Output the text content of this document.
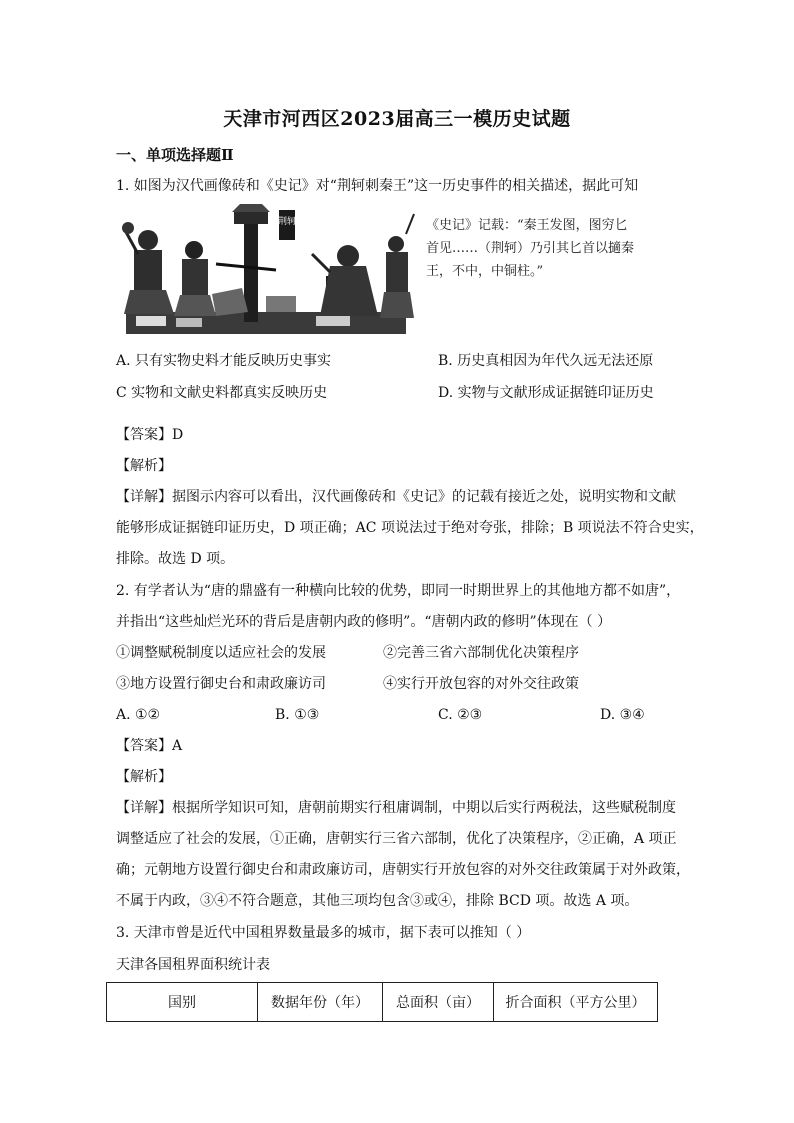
天津市河西区2023届高三一模历史试题
一、单项选择题Ⅱ
1. 如图为汉代画像砖和《史记》对“荆轲刺秦王”这一历史事件的相关描述，据此可知
荆轲	《史记》记载：“秦王发图，图穷匕
首见……（荆轲）乃引其匕首以擿秦
王，不中，中铜柱。”
A. 只有实物史料才能反映历史事实	B. 历史真相因为年代久远无法还原
C 实物和文献史料都真实反映历史	D. 实物与文献形成证据链印证历史
【答案】D
【解析】
【详解】据图示内容可以看出，汉代画像砖和《史记》的记载有接近之处，说明实物和文献
能够形成证据链印证历史，D 项正确；AC 项说法过于绝对夸张，排除；B 项说法不符合史实，
排除。故选 D 项。
2. 有学者认为“唐的鼎盛有一种横向比较的优势，即同一时期世界上的其他地方都不如唐”，
并指出“这些灿烂光环的背后是唐朝内政的修明”。“唐朝内政的修明”体现在（ ）
①调整赋税制度以适应社会的发展	②完善三省六部制优化决策程序
③地方设置行御史台和肃政廉访司	④实行开放包容的对外交往政策
A. ①②	B. ①③	C. ②③	D. ③④
【答案】A
【解析】
【详解】根据所学知识可知，唐朝前期实行租庸调制，中期以后实行两税法，这些赋税制度
调整适应了社会的发展，①正确，唐朝实行三省六部制，优化了决策程序，②正确，A 项正
确；元朝地方设置行御史台和肃政廉访司，唐朝实行开放包容的对外交往政策属于对外政策，
不属于内政，③④不符合题意，其他三项均包含③或④，排除 BCD 项。故选 A 项。
3. 天津市曾是近代中国租界数量最多的城市，据下表可以推知（ ）
天津各国租界面积统计表
国别	数据年份（年）	总面积（亩）	折合面积（平方公里）
